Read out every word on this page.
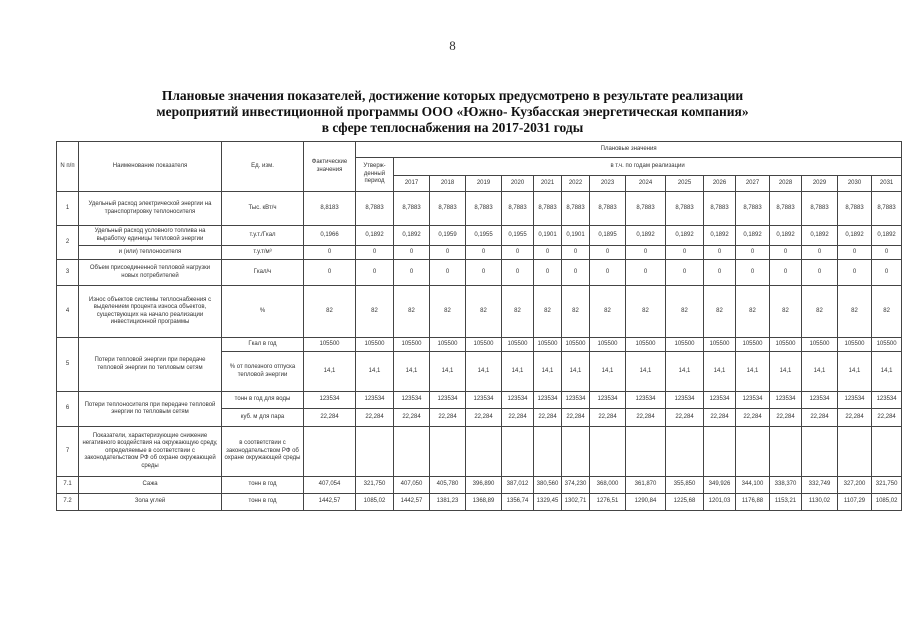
8
Плановые значения показателей, достижение которых предусмотрено в результате реализации
мероприятий инвестиционной программы ООО «Южно- Кузбасская энергетическая компания»
в сфере теплоснабжения на 2017-2031 годы
N п/п	Наименование показателя	Ед. изм.	Фактические значения	Плановые значения															
				Утверж- денный период	в т.ч. по годам реализации														
					2017	2018	2019	2020	2021	2022	2023	2024	2025	2026	2027	2028	2029	2030	2031
1	Удельный расход электрической энергии на транспортировку теплоносителя	Тыс. кВт/ч	8,8183	8,7883	8,7883	8,7883	8,7883	8,7883	8,7883	8,7883	8,7883	8,7883	8,7883	8,7883	8,7883	8,7883	8,7883	8,7883	8,7883
2	Удельный расход условного топлива на выработку единицы тепловой энергии	т.у.т./Гкал	0,1966	0,1892	0,1892	0,1959	0,1955	0,1955	0,1901	0,1901	0,1895	0,1892	0,1892	0,1892	0,1892	0,1892	0,1892	0,1892	0,1892
	и (или) теплоносителя	т.у.т/м³	0	0	0	0	0	0	0	0	0	0	0	0	0	0	0	0	0
3	Объем присоединенной тепловой нагрузки новых потребителей	Гкал/ч	0	0	0	0	0	0	0	0	0	0	0	0	0	0	0	0	0
4	Износ объектов системы теплоснабжения с выделением процента износа объектов, существующих на начало реализации инвестиционной программы	%	82	82	82	82	82	82	82	82	82	82	82	82	82	82	82	82	82
5	Потери тепловой энергии при передаче тепловой энергии по тепловым сетям	Гкал в год	105500	105500	105500	105500	105500	105500	105500	105500	105500	105500	105500	105500	105500	105500	105500	105500	105500
		% от полезного отпуска тепловой энергии	14,1	14,1	14,1	14,1	14,1	14,1	14,1	14,1	14,1	14,1	14,1	14,1	14,1	14,1	14,1	14,1	14,1
6	Потери теплоносителя при передаче тепловой энергии по тепловым сетям	тонн в год для воды	123534	123534	123534	123534	123534	123534	123534	123534	123534	123534	123534	123534	123534	123534	123534	123534	123534
		куб. м для пара	22,284	22,284	22,284	22,284	22,284	22,284	22,284	22,284	22,284	22,284	22,284	22,284	22,284	22,284	22,284	22,284	22,284
7	Показатели, характеризующие снижение негативного воздействия на окружающую среду, определяемые в соответствии с законодательством РФ об охране окружающей среды	в соответствии с законодательством РФ об охране окружающей среды																	
7.1	Сажа	тонн в год	407,054	321,750	407,050	405,780	396,890	387,012	380,560	374,230	368,000	361,870	355,850	349,926	344,100	338,370	332,749	327,200	321,750
7.2	Зола углей	тонн в год	1442,57	1085,02	1442,57	1381,23	1368,89	1356,74	1329,45	1302,71	1276,51	1290,84	1225,68	1201,03	1176,88	1153,21	1130,02	1107,29	1085,02
